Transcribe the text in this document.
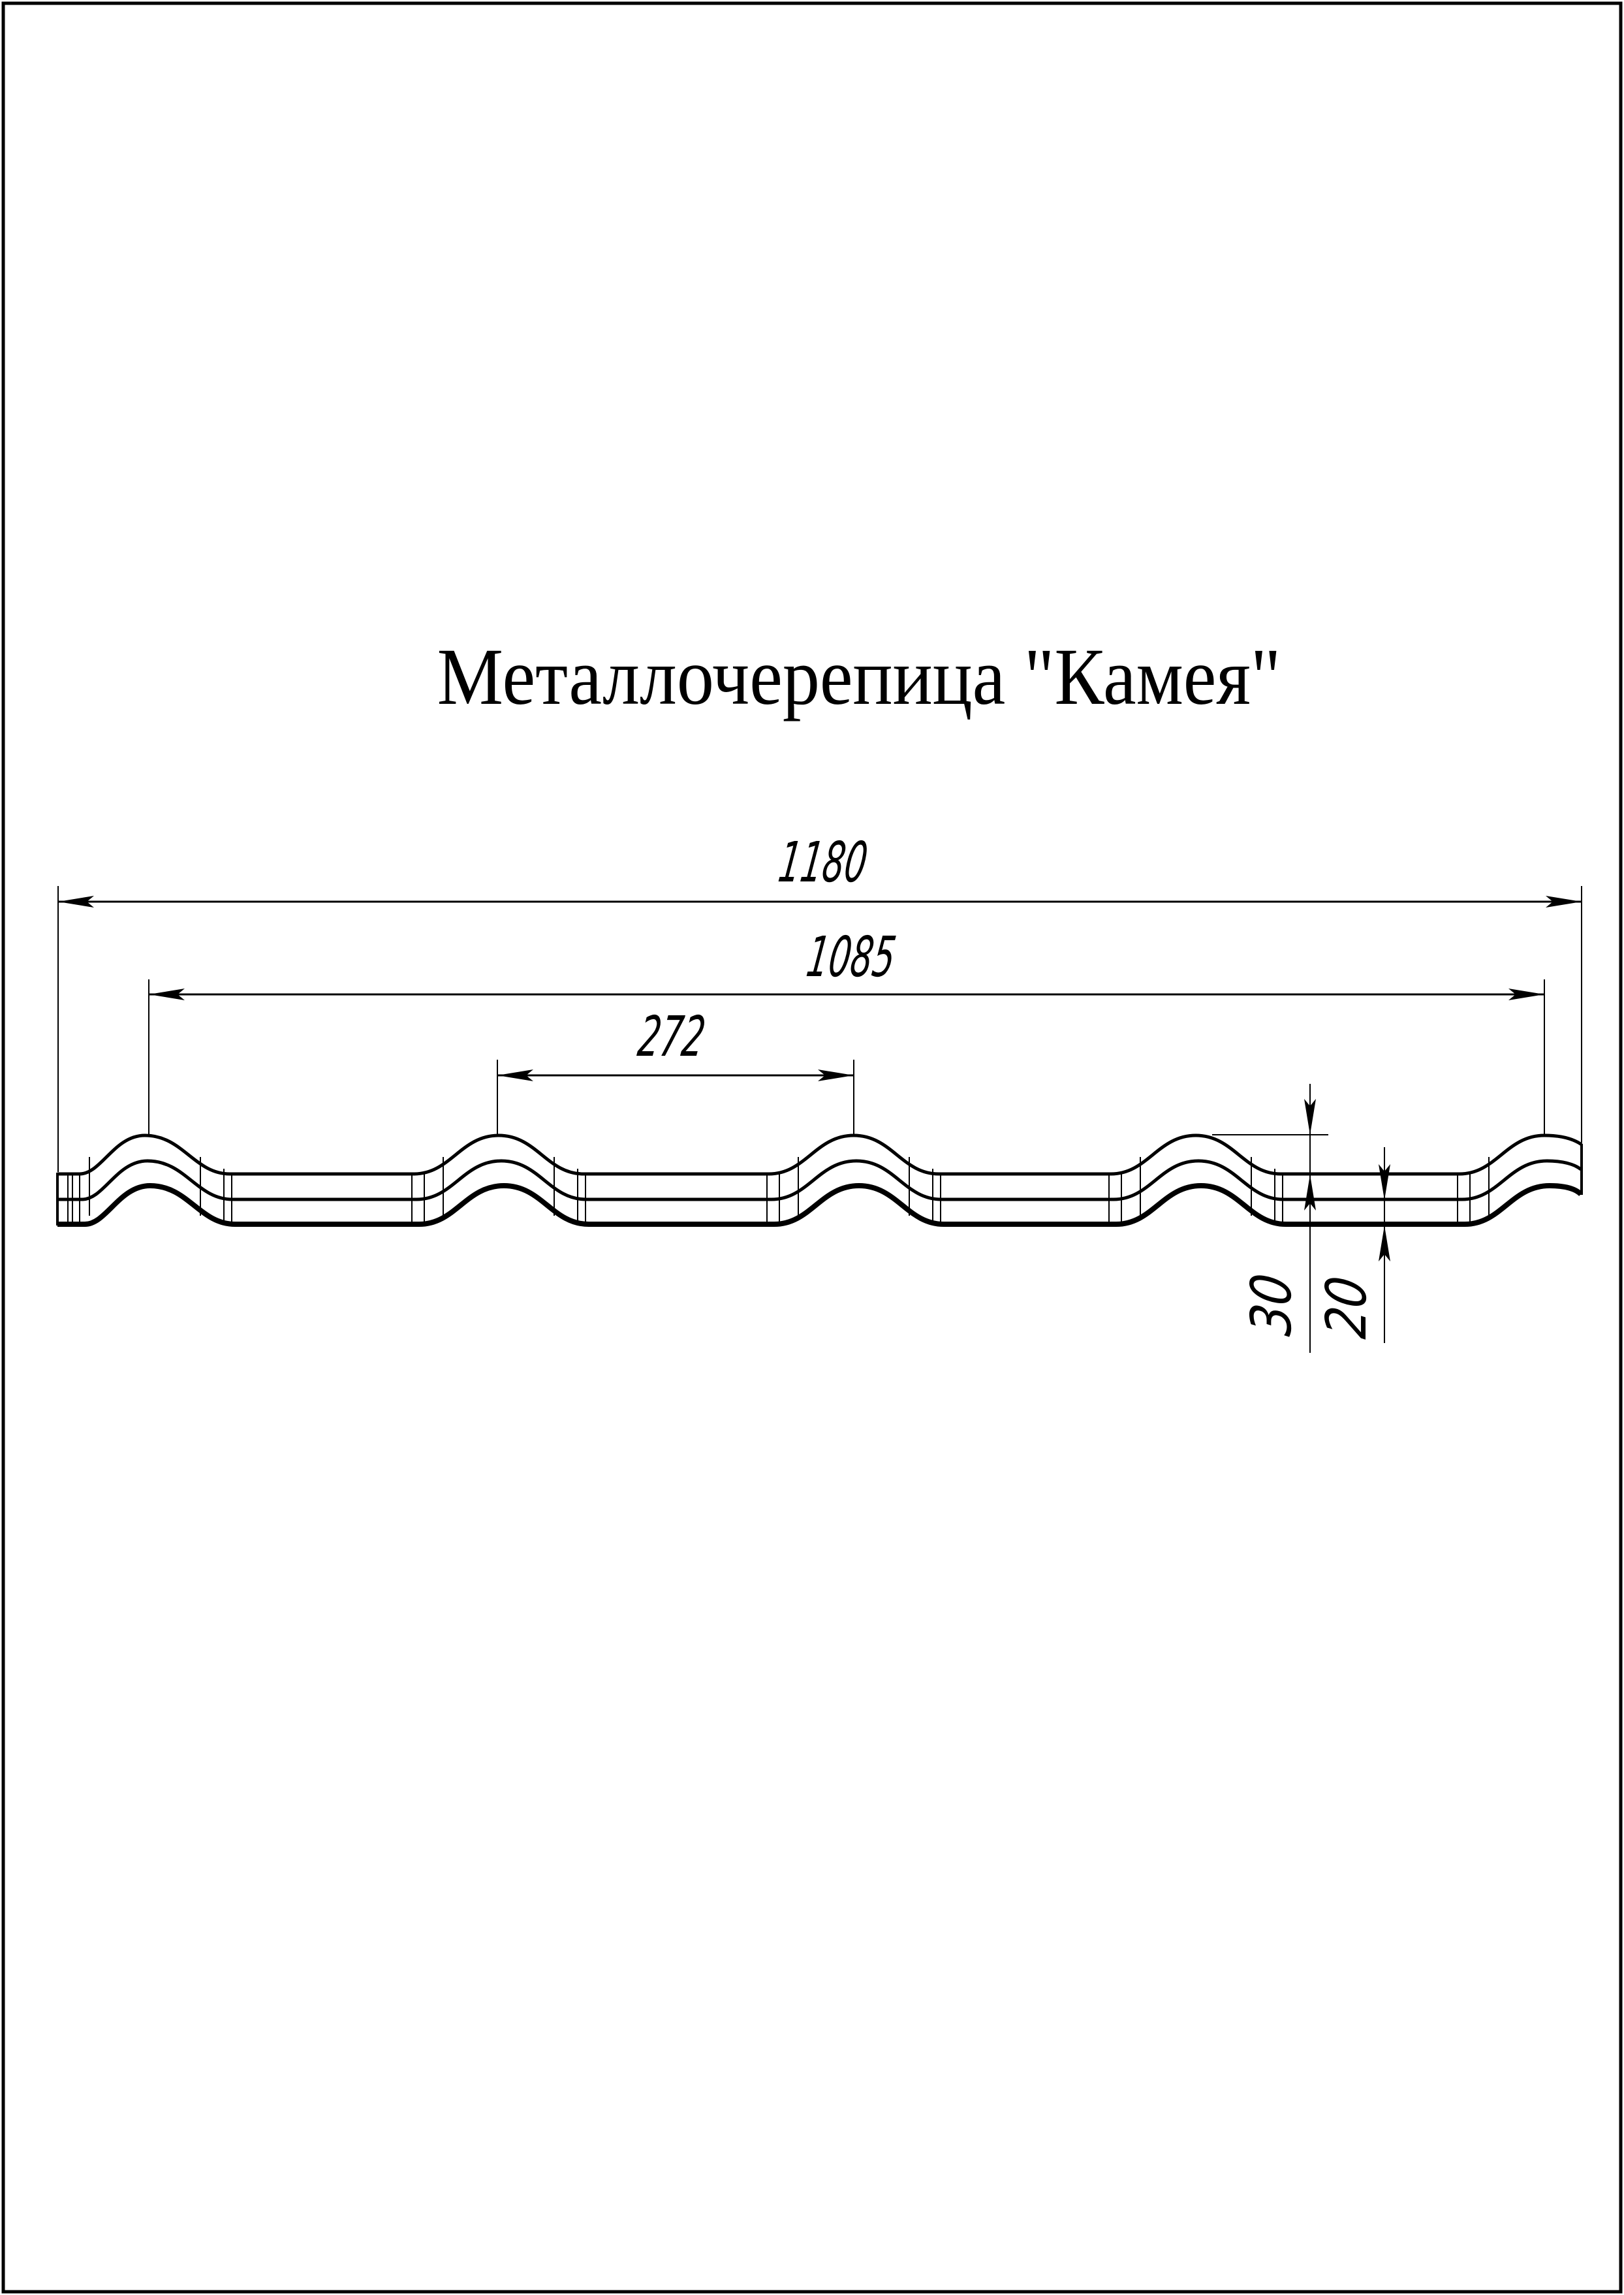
Металлочерепица "Камея"
1180
1085
272
30 20
